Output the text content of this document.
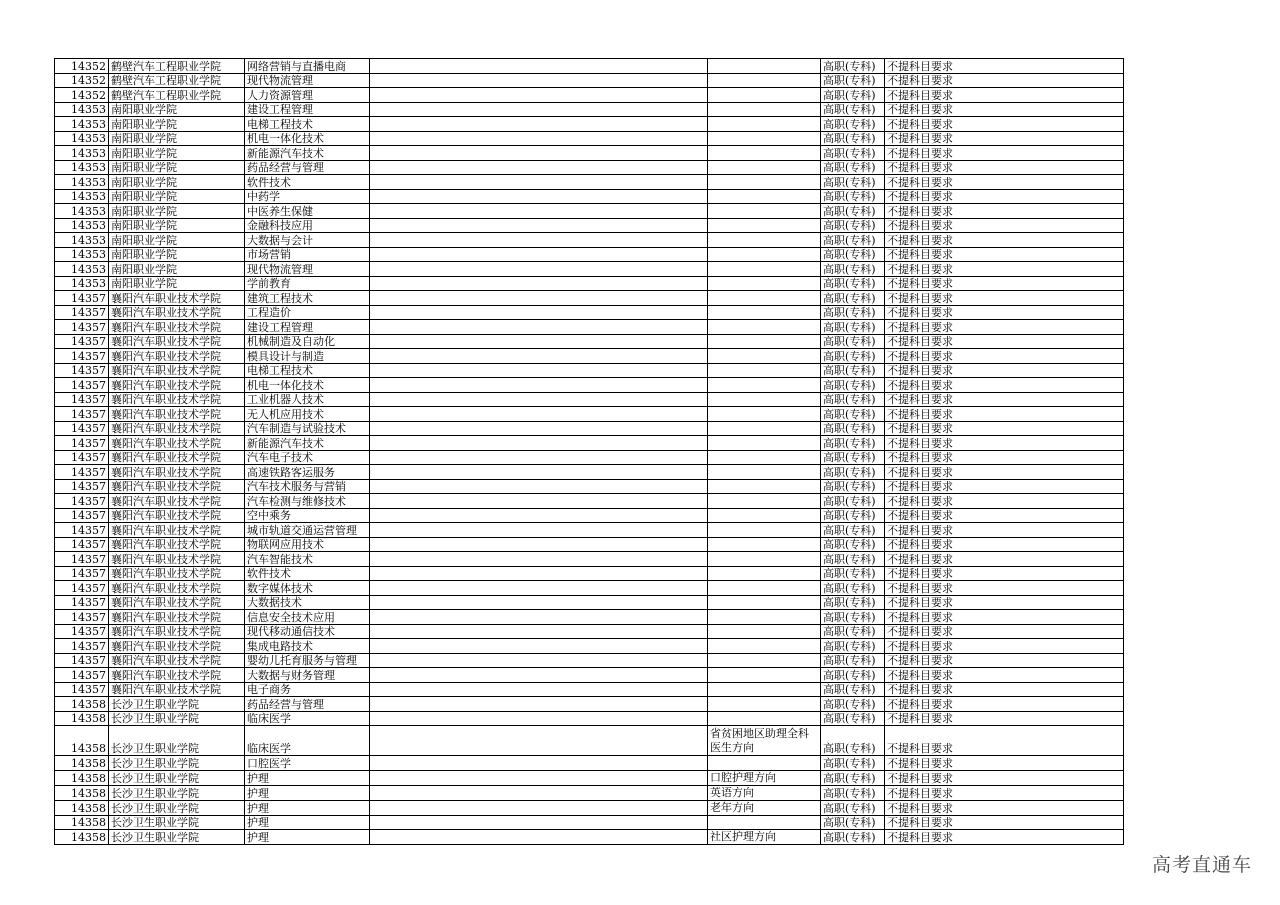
14352	鹤壁汽车工程职业学院	网络营销与直播电商			高职(专科)	不提科目要求
14352	鹤壁汽车工程职业学院	现代物流管理			高职(专科)	不提科目要求
14352	鹤壁汽车工程职业学院	人力资源管理			高职(专科)	不提科目要求
14353	南阳职业学院	建设工程管理			高职(专科)	不提科目要求
14353	南阳职业学院	电梯工程技术			高职(专科)	不提科目要求
14353	南阳职业学院	机电一体化技术			高职(专科)	不提科目要求
14353	南阳职业学院	新能源汽车技术			高职(专科)	不提科目要求
14353	南阳职业学院	药品经营与管理			高职(专科)	不提科目要求
14353	南阳职业学院	软件技术			高职(专科)	不提科目要求
14353	南阳职业学院	中药学			高职(专科)	不提科目要求
14353	南阳职业学院	中医养生保健			高职(专科)	不提科目要求
14353	南阳职业学院	金融科技应用			高职(专科)	不提科目要求
14353	南阳职业学院	大数据与会计			高职(专科)	不提科目要求
14353	南阳职业学院	市场营销			高职(专科)	不提科目要求
14353	南阳职业学院	现代物流管理			高职(专科)	不提科目要求
14353	南阳职业学院	学前教育			高职(专科)	不提科目要求
14357	襄阳汽车职业技术学院	建筑工程技术			高职(专科)	不提科目要求
14357	襄阳汽车职业技术学院	工程造价			高职(专科)	不提科目要求
14357	襄阳汽车职业技术学院	建设工程管理			高职(专科)	不提科目要求
14357	襄阳汽车职业技术学院	机械制造及自动化			高职(专科)	不提科目要求
14357	襄阳汽车职业技术学院	模具设计与制造			高职(专科)	不提科目要求
14357	襄阳汽车职业技术学院	电梯工程技术			高职(专科)	不提科目要求
14357	襄阳汽车职业技术学院	机电一体化技术			高职(专科)	不提科目要求
14357	襄阳汽车职业技术学院	工业机器人技术			高职(专科)	不提科目要求
14357	襄阳汽车职业技术学院	无人机应用技术			高职(专科)	不提科目要求
14357	襄阳汽车职业技术学院	汽车制造与试验技术			高职(专科)	不提科目要求
14357	襄阳汽车职业技术学院	新能源汽车技术			高职(专科)	不提科目要求
14357	襄阳汽车职业技术学院	汽车电子技术			高职(专科)	不提科目要求
14357	襄阳汽车职业技术学院	高速铁路客运服务			高职(专科)	不提科目要求
14357	襄阳汽车职业技术学院	汽车技术服务与营销			高职(专科)	不提科目要求
14357	襄阳汽车职业技术学院	汽车检测与维修技术			高职(专科)	不提科目要求
14357	襄阳汽车职业技术学院	空中乘务			高职(专科)	不提科目要求
14357	襄阳汽车职业技术学院	城市轨道交通运营管理			高职(专科)	不提科目要求
14357	襄阳汽车职业技术学院	物联网应用技术			高职(专科)	不提科目要求
14357	襄阳汽车职业技术学院	汽车智能技术			高职(专科)	不提科目要求
14357	襄阳汽车职业技术学院	软件技术			高职(专科)	不提科目要求
14357	襄阳汽车职业技术学院	数字媒体技术			高职(专科)	不提科目要求
14357	襄阳汽车职业技术学院	大数据技术			高职(专科)	不提科目要求
14357	襄阳汽车职业技术学院	信息安全技术应用			高职(专科)	不提科目要求
14357	襄阳汽车职业技术学院	现代移动通信技术			高职(专科)	不提科目要求
14357	襄阳汽车职业技术学院	集成电路技术			高职(专科)	不提科目要求
14357	襄阳汽车职业技术学院	婴幼儿托育服务与管理			高职(专科)	不提科目要求
14357	襄阳汽车职业技术学院	大数据与财务管理			高职(专科)	不提科目要求
14357	襄阳汽车职业技术学院	电子商务			高职(专科)	不提科目要求
14358	长沙卫生职业学院	药品经营与管理			高职(专科)	不提科目要求
14358	长沙卫生职业学院	临床医学			高职(专科)	不提科目要求
14358	长沙卫生职业学院	临床医学		省贫困地区助理全科医生方向	高职(专科)	不提科目要求
14358	长沙卫生职业学院	口腔医学			高职(专科)	不提科目要求
14358	长沙卫生职业学院	护理		口腔护理方向	高职(专科)	不提科目要求
14358	长沙卫生职业学院	护理		英语方向	高职(专科)	不提科目要求
14358	长沙卫生职业学院	护理		老年方向	高职(专科)	不提科目要求
14358	长沙卫生职业学院	护理			高职(专科)	不提科目要求
14358	长沙卫生职业学院	护理		社区护理方向	高职(专科)	不提科目要求
高考直通车
